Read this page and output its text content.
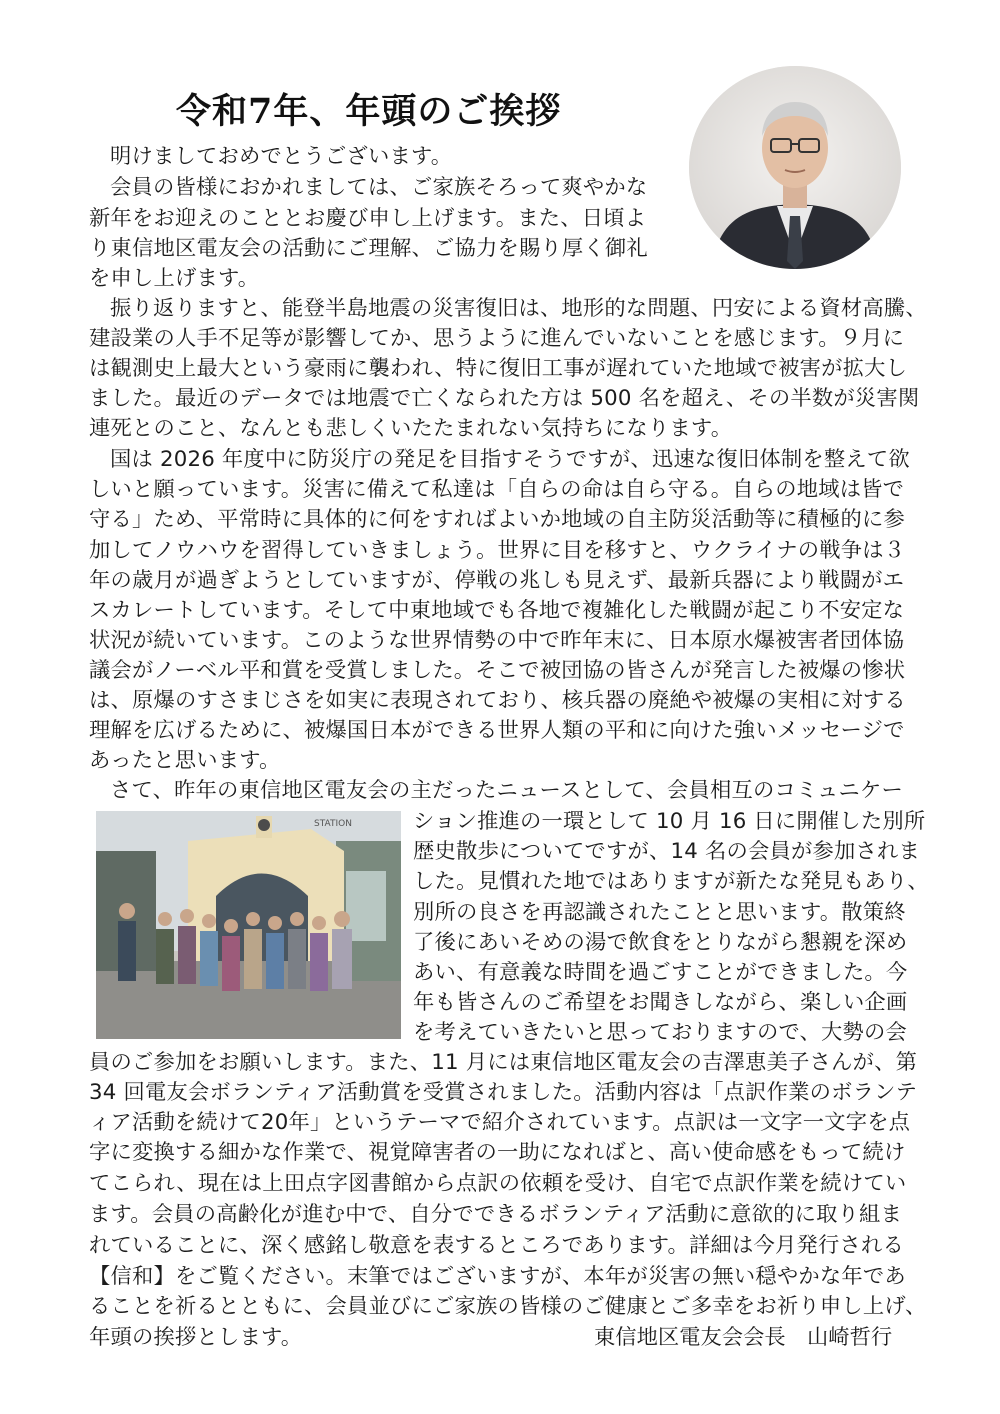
令和7年、年頭のご挨拶
STATION

明けましておめでとうございます。

会員の皆様におかれましては、ご家族そろって爽やかな

新年をお迎えのこととお慶び申し上げます。また、日頃よ

り東信地区電友会の活動にご理解、ご協力を賜り厚く御礼

を申し上げます。

振り返りますと、能登半島地震の災害復旧は、地形的な問題、円安による資材高騰、

建設業の人手不足等が影響してか、思うように進んでいないことを感じます。９月に

は観測史上最大という豪雨に襲われ、特に復旧工事が遅れていた地域で被害が拡大し

ました。最近のデータでは地震で亡くなられた方は 500 名を超え、その半数が災害関

連死とのこと、なんとも悲しくいたたまれない気持ちになります。

国は 2026 年度中に防災庁の発足を目指すそうですが、迅速な復旧体制を整えて欲

しいと願っています。災害に備えて私達は「自らの命は自ら守る。自らの地域は皆で

守る」ため、平常時に具体的に何をすればよいか地域の自主防災活動等に積極的に参

加してノウハウを習得していきましょう。世界に目を移すと、ウクライナの戦争は３

年の歳月が過ぎようとしていますが、停戦の兆しも見えず、最新兵器により戦闘がエ

スカレートしています。そして中東地域でも各地で複雑化した戦闘が起こり不安定な

状況が続いています。このような世界情勢の中で昨年末に、日本原水爆被害者団体協

議会がノーベル平和賞を受賞しました。そこで被団協の皆さんが発言した被爆の惨状

は、原爆のすさまじさを如実に表現されており、核兵器の廃絶や被爆の実相に対する

理解を広げるために、被爆国日本ができる世界人類の平和に向けた強いメッセージで

あったと思います。

さて、昨年の東信地区電友会の主だったニュースとして、会員相互のコミュニケー

ション推進の一環として 10 月 16 日に開催した別所

歴史散歩についてですが、14 名の会員が参加されま

した。見慣れた地ではありますが新たな発見もあり、

別所の良さを再認識されたことと思います。散策終

了後にあいそめの湯で飲食をとりながら懇親を深め

あい、有意義な時間を過ごすことができました。今

年も皆さんのご希望をお聞きしながら、楽しい企画

を考えていきたいと思っておりますので、大勢の会

員のご参加をお願いします。また、11 月には東信地区電友会の吉澤恵美子さんが、第

34 回電友会ボランティア活動賞を受賞されました。活動内容は「点訳作業のボランテ

ィア活動を続けて20年」というテーマで紹介されています。点訳は一文字一文字を点

字に変換する細かな作業で、視覚障害者の一助になればと、高い使命感をもって続け

てこられ、現在は上田点字図書館から点訳の依頼を受け、自宅で点訳作業を続けてい

ます。会員の高齢化が進む中で、自分でできるボランティア活動に意欲的に取り組ま

れていることに、深く感銘し敬意を表するところであります。詳細は今月発行される

【信和】をご覧ください。末筆ではございますが、本年が災害の無い穏やかな年であ

ることを祈るとともに、会員並びにご家族の皆様のご健康とご多幸をお祈り申し上げ、

年頭の挨拶とします。	東信地区電友会会長　山崎哲行
